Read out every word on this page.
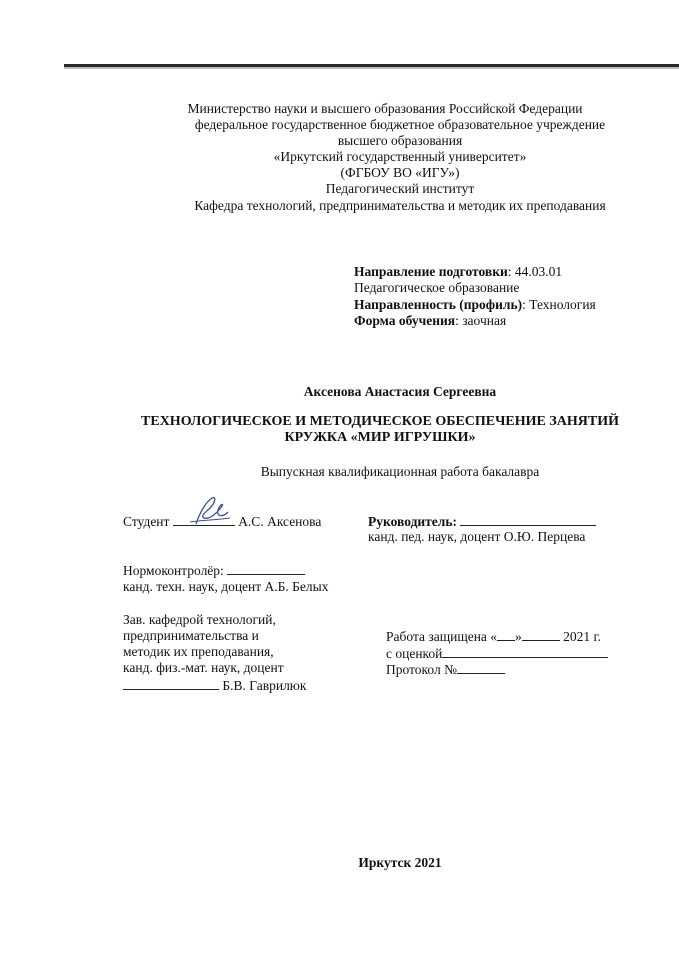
Министерство науки и высшего образования Российской Федерации
федеральное государственное бюджетное образовательное учреждение
высшего образования
«Иркутский государственный университет»
(ФГБОУ ВО «ИГУ»)
Педагогический институт
Кафедра технологий, предпринимательства и методик их преподавания
Направление подготовки: 44.03.01
Педагогическое образование
Направленность (профиль): Технология
Форма обучения: заочная
Аксенова Анастасия Сергеевна
ТЕХНОЛОГИЧЕСКОЕ И МЕТОДИЧЕСКОЕ ОБЕСПЕЧЕНИЕ ЗАНЯТИЙ
КРУЖКА «МИР ИГРУШКИ»
Выпускная квалификационная работа бакалавра
Студент	А.С. Аксенова	Руководитель:
канд. пед. наук, доцент О.Ю. Перцева
Нормоконтролёр:
канд. техн. наук, доцент А.Б. Белых
Зав. кафедрой технологий,
предпринимательства и
методик их преподавания,
канд. физ.-мат. наук, доцент
Б.В. Гаврилюк
Работа защищена « »	2021 г.
с оценкой
Протокол №
Иркутск 2021
